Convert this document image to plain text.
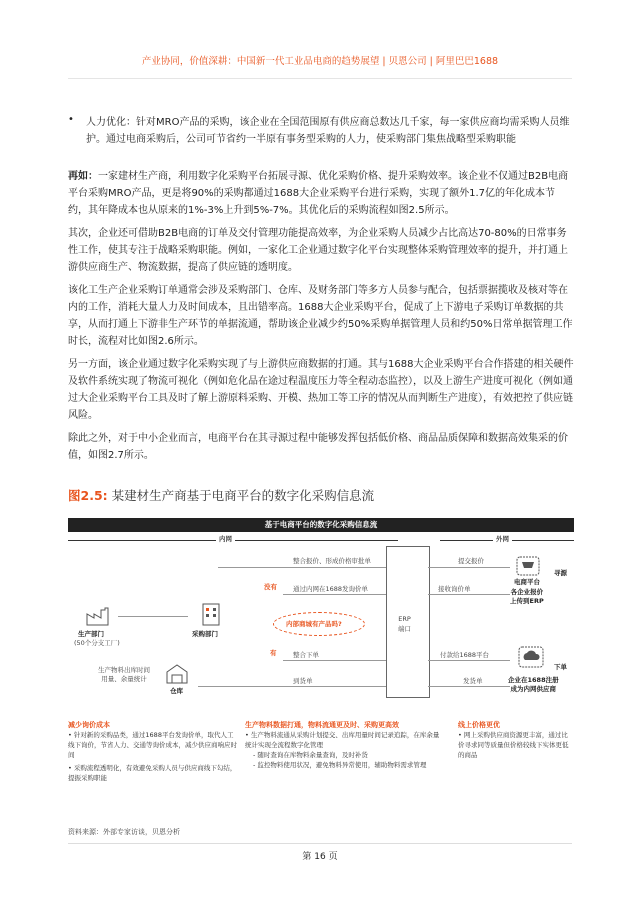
产业协同，价值深耕：中国新一代工业品电商的趋势展望 | 贝恩公司 | 阿里巴巴1688
• 人力优化：针对MRO产品的采购，该企业在全国范围原有供应商总数达几千家，每一家供应商均需采购人员维护。通过电商采购后，公司可节省约一半原有事务型采购的人力，使采购部门集焦战略型采购职能

再如：一家建材生产商，利用数字化采购平台拓展寻源、优化采购价格、提升采购效率。该企业不仅通过B2B电商平台采购MRO产品，更是将90%的采购都通过1688大企业采购平台进行采购，实现了额外1.7亿的年化成本节约，其年降成本也从原来的1%-3%上升到5%-7%。其优化后的采购流程如图2.5所示。

其次，企业还可借助B2B电商的订单及交付管理功能提高效率，为企业采购人员减少占比高达70-80%的日常事务性工作，使其专注于战略采购职能。例如，一家化工企业通过数字化平台实现整体采购管理效率的提升，并打通上游供应商生产、物流数据，提高了供应链的透明度。

该化工生产企业采购订单通常会涉及采购部门、仓库、及财务部门等多方人员参与配合，包括票据揽收及核对等在内的工作，消耗大量人力及时间成本，且出错率高。1688大企业采购平台，促成了上下游电子采购订单数据的共享，从而打通上下游非生产环节的单据流通，帮助该企业减少约50%采购单据管理人员和约50%日常单据管理工作时长，流程对比如图2.6所示。

另一方面，该企业通过数字化采购实现了与上游供应商数据的打通。其与1688大企业采购平台合作搭建的相关硬件及软件系统实现了物流可视化（例如危化品在途过程温度压力等全程动态监控），以及上游生产进度可视化（例如通过大企业采购平台工具及时了解上游原料采购、开模、热加工等工序的情况从而判断生产进度），有效把控了供应链风险。

除此之外，对于中小企业而言，电商平台在其寻源过程中能够发挥包括低价格、商品品质保障和数据高效集采的价值，如图2.7所示。

图2.5: 某建材生产商基于电商平台的数字化采购信息流
基于电商平台的数字化采购信息流
内网	外网
ERP
端口
整合报价、形成价格审批单	提交报价
没有 通过内网在1688发询价单	接收询价单
内部商城有产品吗?
有	整合下单	付款给1688平台
到货单	发货单
生产部门
(50个分支工厂)
采购部门
仓库
生产物料出库时间
用量、余量统计
电商平台
寻源
各企业报价
上传到ERP
下单
企业在1688注册
成为内网供应商
减少询价成本
• 针对新的采购品类，通过1688平台发询价单，取代人工线下询价，节省人力、交通等询价成本，减少供应商响应时间
• 采购流程透明化，有效避免采购人员与供应商线下勾结，提振采购职能
生产物料数据打通，物料流通更及时、采购更高效
• 生产物料流通从采购计划提交、出库用量时间记录追踪，在库余量统计实现全流程数字化管理
- 随时查询在库物料余量查询，及时补货
- 监控物料使用状况，避免物料异常使用，辅助物料需求管理
线上价格更优
• 网上采购供应商资源更丰富，通过比价寻求同等质量但价格较线下实体更低的商品
资料来源：外部专家访谈，贝恩分析
第 16 页
